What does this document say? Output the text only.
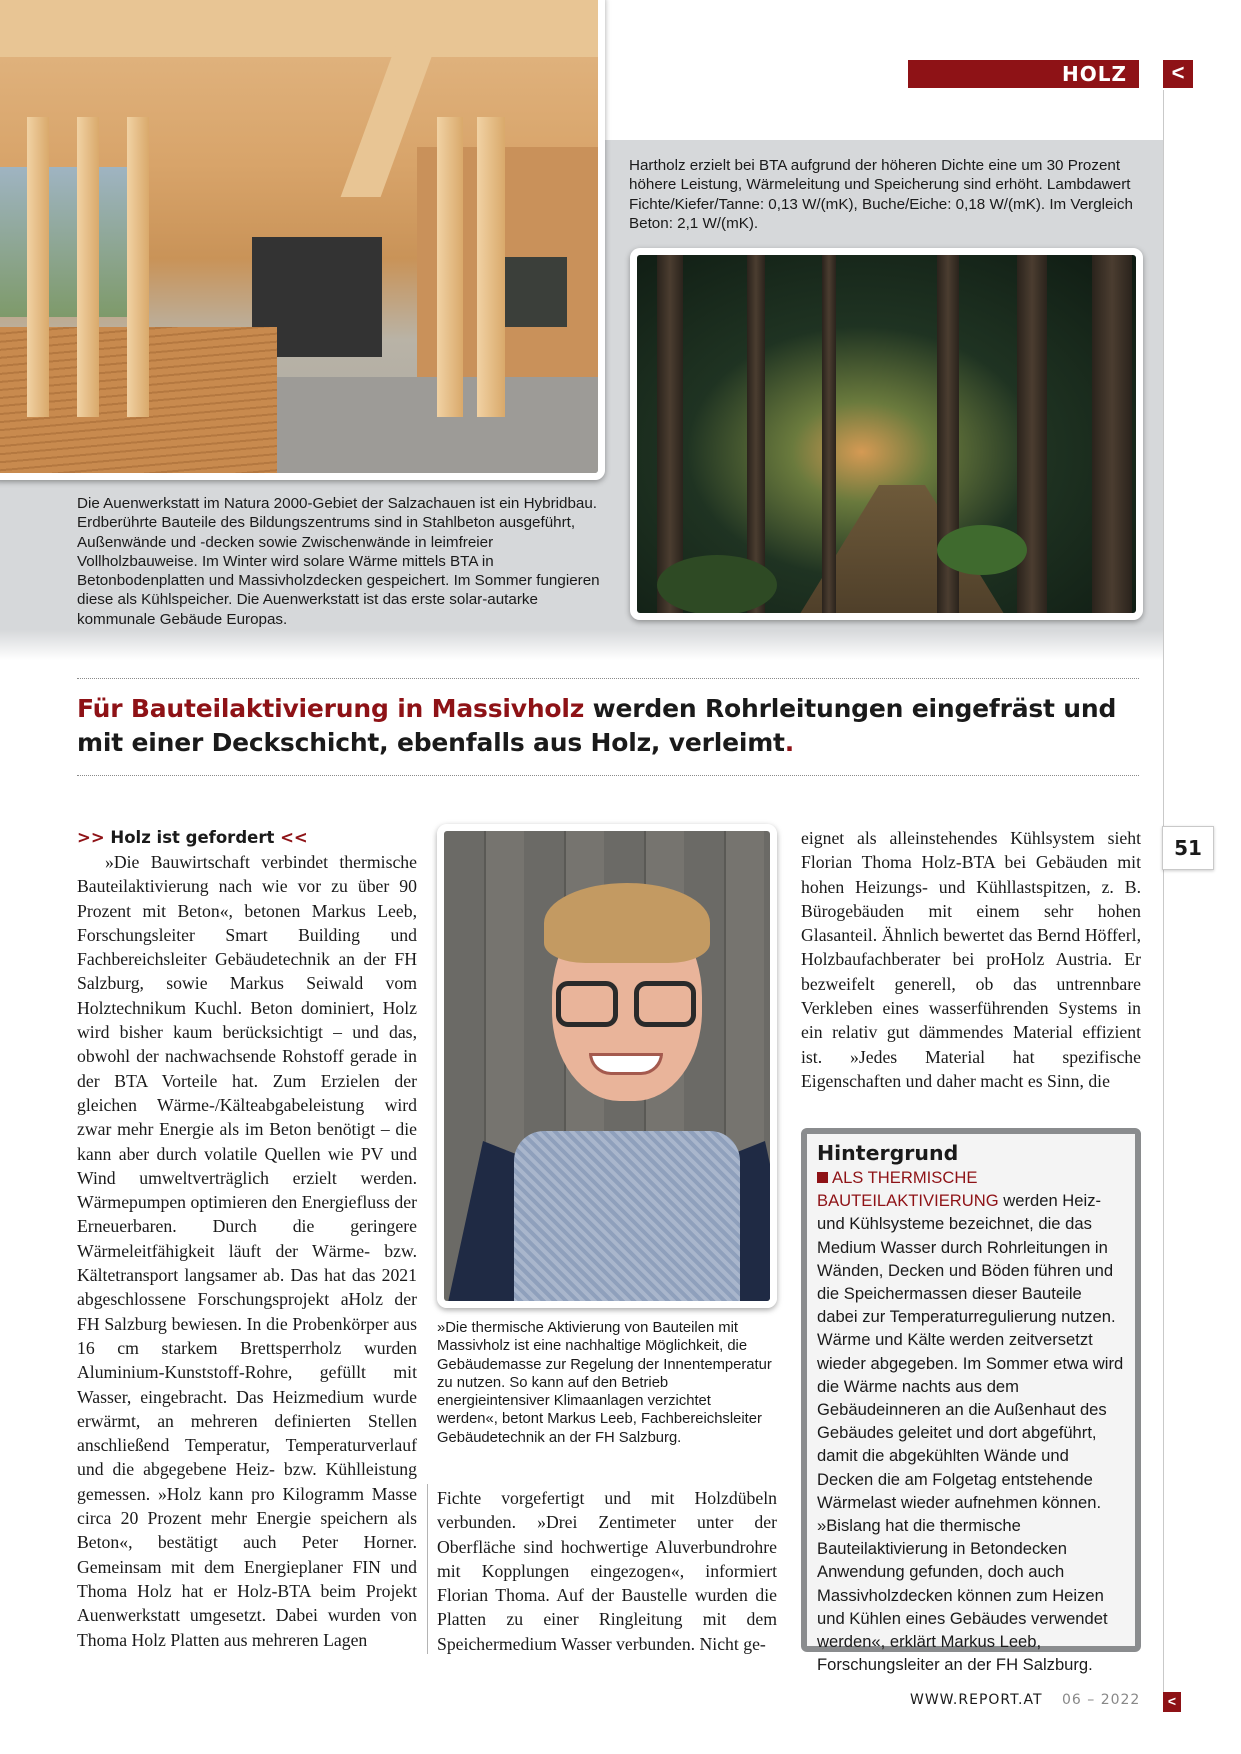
HOLZ	<
Hartholz erzielt bei BTA aufgrund der höheren Dichte eine um 30 Prozent höhere Leistung, Wärmeleitung und Speicherung sind erhöht. Lambdawert Fichte/Kiefer/Tanne: 0,13 W/(mK), Buche/Eiche: 0,18 W/(mK). Im Vergleich Beton: 2,1 W/(mK).
Die Auenwerkstatt im Natura 2000-Gebiet der Salzachauen ist ein Hybridbau. Erdberührte Bauteile des Bildungszentrums sind in Stahlbeton ausgeführt, Außenwände und -decken sowie Zwischenwände in leimfreier Vollholzbauweise. Im Winter wird solare Wärme mittels BTA in Betonbodenplatten und Massivholzdecken gespeichert. Im Sommer fungieren diese als Kühlspeicher. Die Auenwerkstatt ist das erste solar-autarke kommunale Gebäude Europas.
Für Bauteilaktivierung in Massivholz werden Rohrleitungen eingefräst und mit einer Deckschicht, ebenfalls aus Holz, verleimt.
>> Holz ist gefordert <<

»Die Bauwirtschaft verbindet thermische Bauteilaktivierung nach wie vor zu über 90 Prozent mit Beton«, betonen Markus Leeb, Forschungsleiter Smart Building und Fachbereichsleiter Gebäudetechnik an der FH Salzburg, sowie Markus Seiwald vom Holztechnikum Kuchl. Beton dominiert, Holz wird bisher kaum berücksichtigt – und das, obwohl der nachwachsende Rohstoff gerade in der BTA Vorteile hat. Zum Erzielen der gleichen Wärme-/Kälteabgabeleistung wird zwar mehr Energie als im Beton benötigt – die kann aber durch volatile Quellen wie PV und Wind umweltverträglich erzielt werden. Wärmepumpen optimieren den Energiefluss der Erneuerbaren. Durch die geringere Wärmeleitfähigkeit läuft der Wärme- bzw. Kältetransport langsamer ab. Das hat das 2021 abgeschlossene Forschungsprojekt aHolz der FH Salzburg bewiesen. In die Probenkörper aus 16 cm starkem Brettsperrholz wurden Aluminium-Kunststoff-Rohre, gefüllt mit Wasser, eingebracht. Das Heizmedium wurde erwärmt, an mehreren definierten Stellen anschließend Temperatur, Temperaturverlauf und die abgegebene Heiz- bzw. Kühlleistung gemessen. »Holz kann pro Kilogramm Masse circa 20 Prozent mehr Energie speichern als Beton«, bestätigt auch Peter Horner. Gemeinsam mit dem Energieplaner FIN und Thoma Holz hat er Holz-BTA beim Projekt Auenwerkstatt umgesetzt. Dabei wurden von Thoma Holz Platten aus mehreren Lagen

»Die thermische Aktivierung von Bauteilen mit Massivholz ist eine nachhaltige Möglichkeit, die Gebäudemasse zur Regelung der Innentemperatur zu nutzen. So kann auf den Betrieb energieintensiver Klimaanlagen verzichtet werden«, betont Markus Leeb, Fachbereichsleiter Gebäudetechnik an der FH Salzburg.

Fichte vorgefertigt und mit Holzdübeln verbunden. »Drei Zentimeter unter der Oberfläche sind hochwertige Aluverbundrohre mit Kopplungen eingezogen«, informiert Florian Thoma. Auf der Baustelle wurden die Platten zu einer Ringleitung mit dem Speichermedium Wasser verbunden. Nicht ge-

eignet als alleinstehendes Kühlsystem sieht Florian Thoma Holz-BTA bei Gebäuden mit hohen Heizungs- und Kühllastspitzen, z. B. Bürogebäuden mit einem sehr hohen Glasanteil. Ähnlich bewertet das Bernd Höfferl, Holzbaufachberater bei proHolz Austria. Er bezweifelt generell, ob das untrennbare Verkleben eines wasserführenden Systems in ein relativ gut dämmendes Material effizient ist. »Jedes Material hat spezifische Eigenschaften und daher macht es Sinn, die

Hintergrund
ALS THERMISCHE BAUTEILAKTIVIERUNG werden Heiz- und Kühlsysteme bezeichnet, die das Medium Wasser durch Rohrleitungen in Wänden, Decken und Böden führen und die Speichermassen dieser Bauteile dabei zur Temperaturregulierung nutzen. Wärme und Kälte werden zeitversetzt wieder abgegeben. Im Sommer etwa wird die Wärme nachts aus dem Gebäudeinneren an die Außenhaut des Gebäudes geleitet und dort abgeführt, damit die abgekühlten Wände und Decken die am Folgetag entstehende Wärmelast wieder aufnehmen können. »Bislang hat die thermische Bauteilaktivierung in Betondecken Anwendung gefunden, doch auch Massivholzdecken können zum Heizen und Kühlen eines Gebäudes verwendet werden«, erklärt Markus Leeb, Forschungsleiter an der FH Salzburg.
51
WWW.REPORT.AT 06 – 2022	<
